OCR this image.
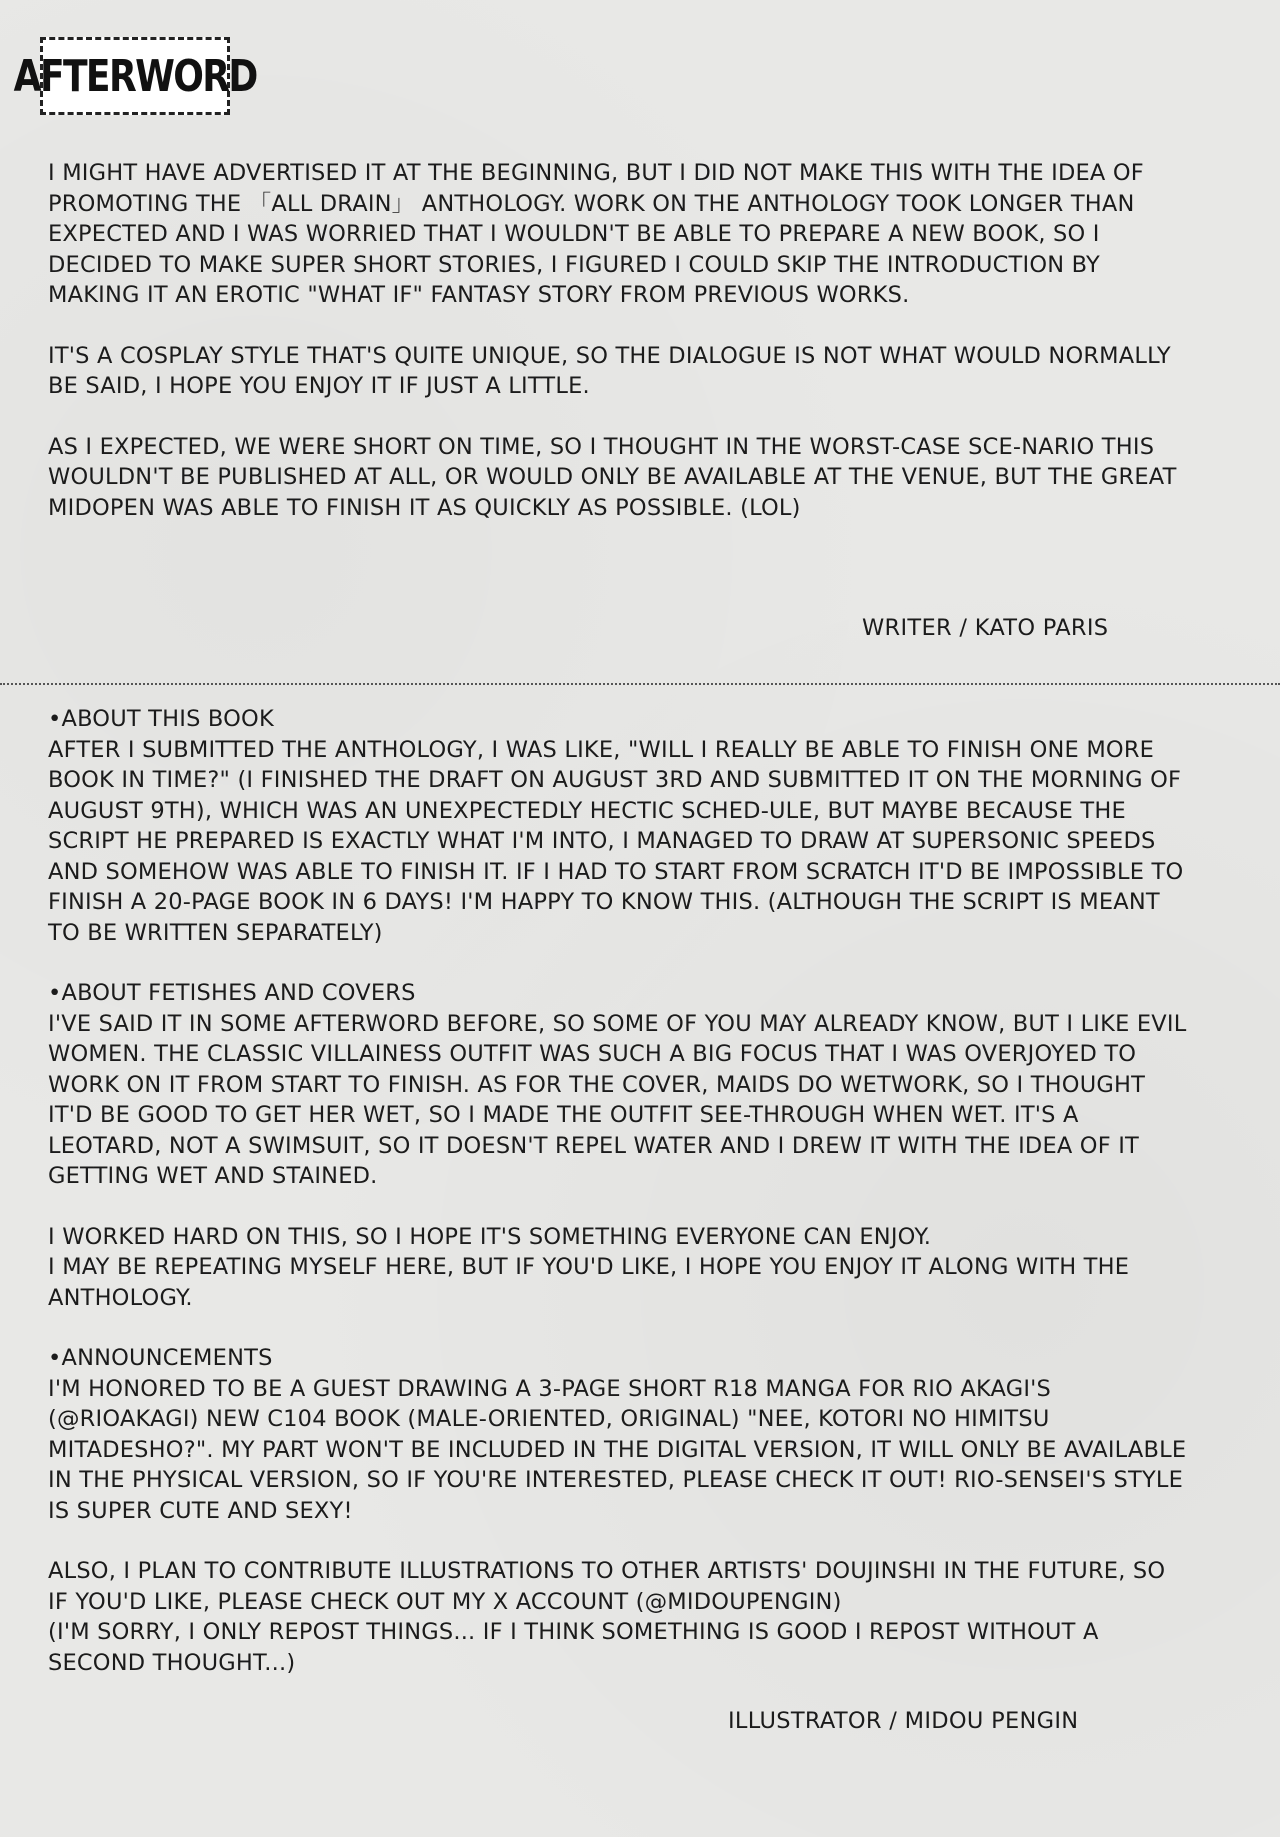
AFTERWORD

I MIGHT HAVE ADVERTISED IT AT THE BEGINNING, BUT I DID NOT MAKE THIS WITH THE IDEA OF PROMOTING THE 「ALL DRAIN」 ANTHOLOGY. WORK ON THE ANTHOLOGY TOOK LONGER THAN EXPECTED AND I WAS WORRIED THAT I WOULDN'T BE ABLE TO PREPARE A NEW BOOK, SO I DECIDED TO MAKE SUPER SHORT STORIES, I FIGURED I COULD SKIP THE INTRODUCTION BY MAKING IT AN EROTIC "WHAT IF" FANTASY STORY FROM PREVIOUS WORKS.

IT'S A COSPLAY STYLE THAT'S QUITE UNIQUE, SO THE DIALOGUE IS NOT WHAT WOULD NORMALLY BE SAID, I HOPE YOU ENJOY IT IF JUST A LITTLE.

AS I EXPECTED, WE WERE SHORT ON TIME, SO I THOUGHT IN THE WORST-CASE SCE-NARIO THIS WOULDN'T BE PUBLISHED AT ALL, OR WOULD ONLY BE AVAILABLE AT THE VENUE, BUT THE GREAT MIDOPEN WAS ABLE TO FINISH IT AS QUICKLY AS POSSIBLE. (LOL)

WRITER / KATO PARIS

•ABOUT THIS BOOK

AFTER I SUBMITTED THE ANTHOLOGY, I WAS LIKE, "WILL I REALLY BE ABLE TO FINISH ONE MORE BOOK IN TIME?" (I FINISHED THE DRAFT ON AUGUST 3RD AND SUBMITTED IT ON THE MORNING OF AUGUST 9TH), WHICH WAS AN UNEXPECTEDLY HECTIC SCHED-ULE, BUT MAYBE BECAUSE THE SCRIPT HE PREPARED IS EXACTLY WHAT I'M INTO, I MANAGED TO DRAW AT SUPERSONIC SPEEDS AND SOMEHOW WAS ABLE TO FINISH IT. IF I HAD TO START FROM SCRATCH IT'D BE IMPOSSIBLE TO FINISH A 20-PAGE BOOK IN 6 DAYS! I'M HAPPY TO KNOW THIS. (ALTHOUGH THE SCRIPT IS MEANT TO BE WRITTEN SEPARATELY)

•ABOUT FETISHES AND COVERS

I'VE SAID IT IN SOME AFTERWORD BEFORE, SO SOME OF YOU MAY ALREADY KNOW, BUT I LIKE EVIL WOMEN. THE CLASSIC VILLAINESS OUTFIT WAS SUCH A BIG FOCUS THAT I WAS OVERJOYED TO WORK ON IT FROM START TO FINISH. AS FOR THE COVER, MAIDS DO WETWORK, SO I THOUGHT IT'D BE GOOD TO GET HER WET, SO I MADE THE OUTFIT SEE-THROUGH WHEN WET. IT'S A LEOTARD, NOT A SWIMSUIT, SO IT DOESN'T REPEL WATER AND I DREW IT WITH THE IDEA OF IT GETTING WET AND STAINED.

I WORKED HARD ON THIS, SO I HOPE IT'S SOMETHING EVERYONE CAN ENJOY.
I MAY BE REPEATING MYSELF HERE, BUT IF YOU'D LIKE, I HOPE YOU ENJOY IT ALONG WITH THE ANTHOLOGY.

•ANNOUNCEMENTS

I'M HONORED TO BE A GUEST DRAWING A 3-PAGE SHORT R18 MANGA FOR RIO AKAGI'S (@RIOAKAGI) NEW C104 BOOK (MALE-ORIENTED, ORIGINAL) "NEE, KOTORI NO HIMITSU MITADESHO?". MY PART WON'T BE INCLUDED IN THE DIGITAL VERSION, IT WILL ONLY BE AVAILABLE IN THE PHYSICAL VERSION, SO IF YOU'RE INTERESTED, PLEASE CHECK IT OUT! RIO-SENSEI'S STYLE IS SUPER CUTE AND SEXY!

ALSO, I PLAN TO CONTRIBUTE ILLUSTRATIONS TO OTHER ARTISTS' DOUJINSHI IN THE FUTURE, SO IF YOU'D LIKE, PLEASE CHECK OUT MY X ACCOUNT (@MIDOUPENGIN)
(I'M SORRY, I ONLY REPOST THINGS... IF I THINK SOMETHING IS GOOD I REPOST WITHOUT A SECOND THOUGHT...)

ILLUSTRATOR / MIDOU PENGIN
